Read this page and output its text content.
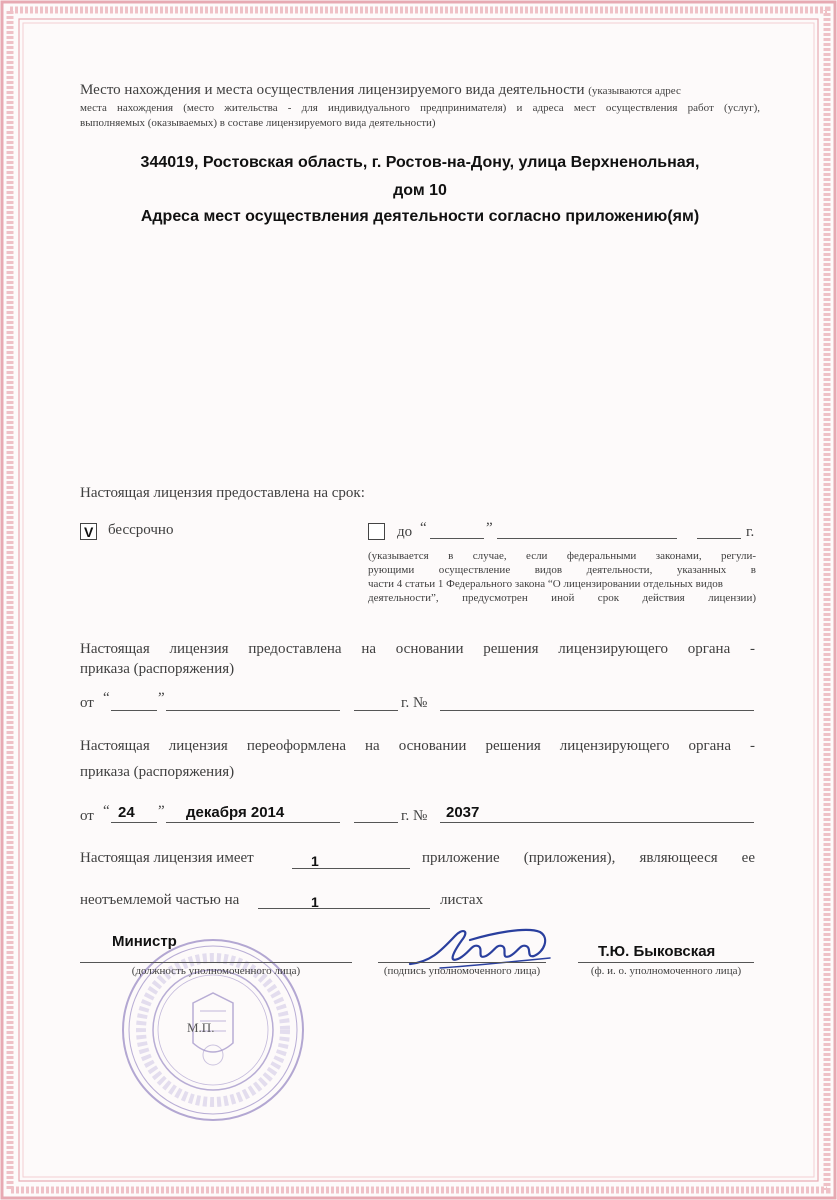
Место нахождения и места осуществления лицензируемого вида деятельности (указываются адрес
места нахождения (место жительства - для индивидуального предпринимателя) и адреса мест осуществления работ (услуг),
выполняемых (оказываемых) в составе лицензируемого вида деятельности)
344019, Ростовская область, г. Ростов-на-Дону, улица Верхненольная,
дом 10
Адреса мест осуществления деятельности согласно приложению(ям)
Настоящая лицензия предоставлена на срок:
V бессрочно	до “	”	г.
(указывается в случае, если федеральными законами, регули-
рующими осуществление видов деятельности, указанных в
части 4 статьи 1 Федерального закона “О лицензировании отдельных видов
деятельности”, предусмотрен иной срок действия лицензии)
Настоящая лицензия предоставлена на основании решения лицензирующего органа -
приказа (распоряжения)
от “	”	г. №
Настоящая лицензия переоформлена на основании решения лицензирующего органа -
приказа (распоряжения)
от “ 24 ” декабря 2014	г. № 2037
Настоящая лицензия имеет	1	приложение (приложения), являющееся ее
неотъемлемой частью на	1	листах
М.П.
Министр
(должность уполномоченного лица)	(подпись уполномоченного лица)
Т.Ю. Быковская
(ф. и. о. уполномоченного лица)
